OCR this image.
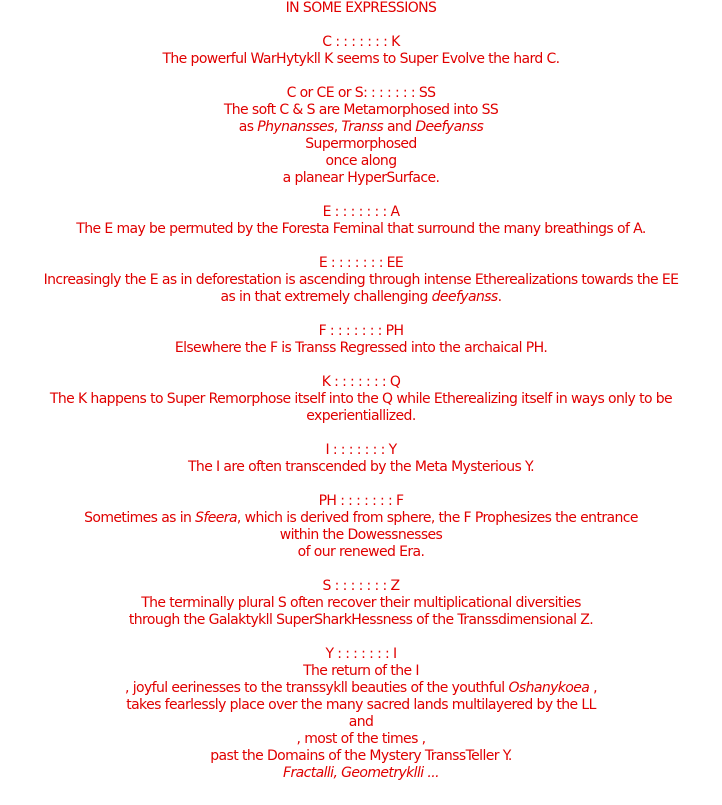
IN SOME EXPRESSIONS
C : : : : : : : K
The powerful WarHytykll K seems to Super Evolve the hard C.
C or CE or S: : : : : : : SS
The soft C & S are Metamorphosed into SS
as Phynansses, Transs and Deefyanss
Supermorphosed
once along
a planear HyperSurface.
E : : : : : : : A
The E may be permuted by the Foresta Feminal that surround the many breathings of A.
E : : : : : : : EE
Increasingly the E as in deforestation is ascending through intense Etherealizations towards the EE
as in that extremely challenging deefyanss.
F : : : : : : : PH
Elsewhere the F is Transs Regressed into the archaical PH.
K : : : : : : : Q
The K happens to Super Remorphose itself into the Q while Etherealizing itself in ways only to be
experientiallized.
I : : : : : : : Y
The I are often transcended by the Meta Mysterious Y.
PH : : : : : : : F
Sometimes as in Sfeera, which is derived from sphere, the F Prophesizes the entrance
within the Dowessnesses
of our renewed Era.
S : : : : : : : Z
The terminally plural S often recover their multiplicational diversities
through the Galaktykll SuperSharkHessness of the Transsdimensional Z.
Y : : : : : : : I
The return of the I
, joyful eerinesses to the transsykll beauties of the youthful Oshanykoea ,
takes fearlessly place over the many sacred lands multilayered by the LL
and
, most of the times ,
past the Domains of the Mystery TranssTeller Y.
Fractalli, Geometryklli ...
